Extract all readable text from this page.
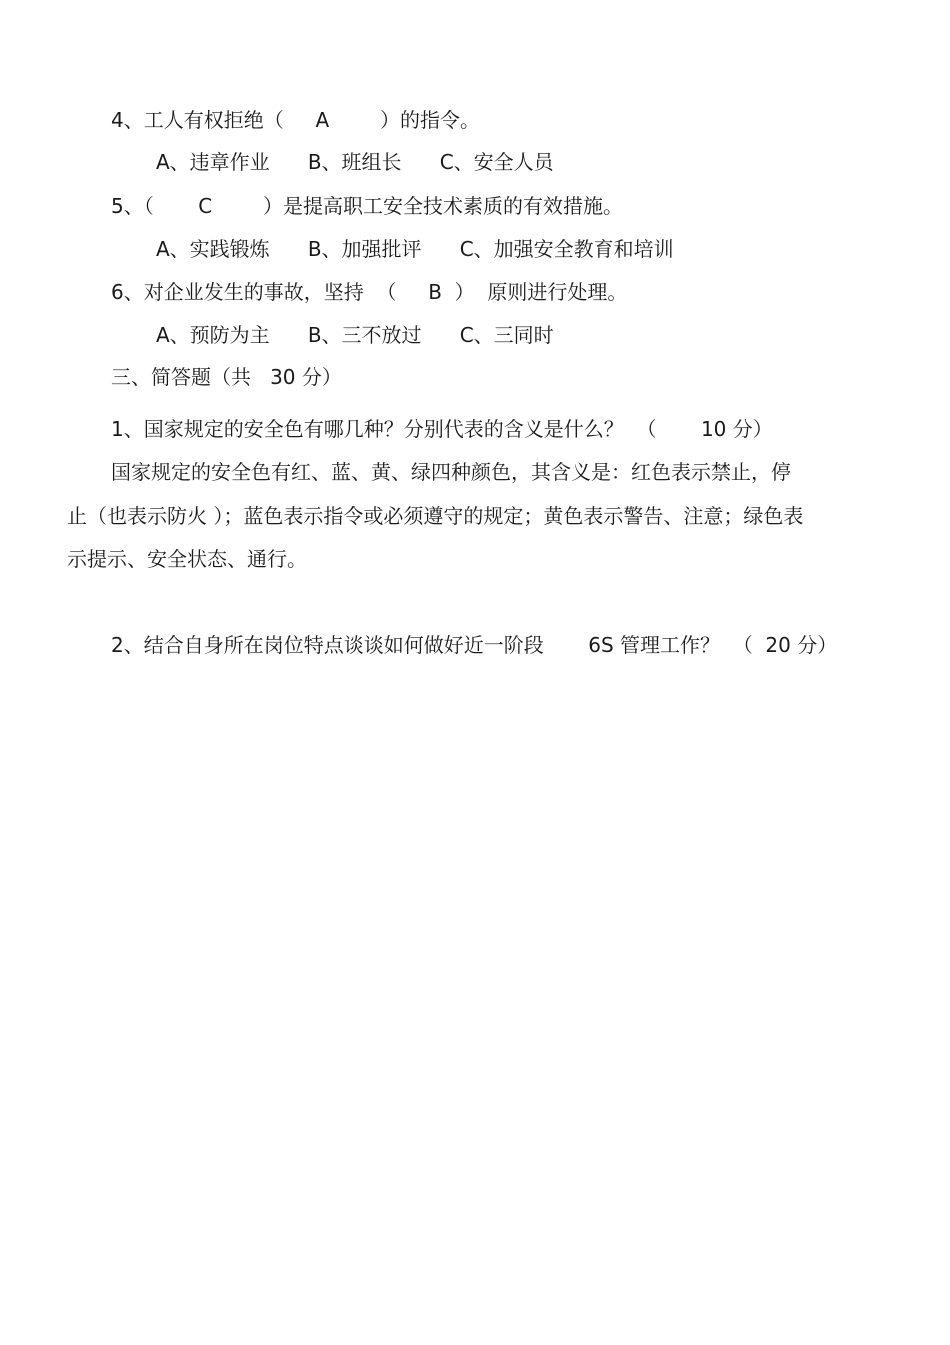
4、工人有权拒绝（     A        ）的指令。
A、违章作业      B、班组长      C、安全人员
5、（       C        ）是提高职工安全技术素质的有效措施。
A、实践锻炼      B、加强批评      C、加强安全教育和培训
6、对企业发生的事故，坚持  （     B  ）  原则进行处理。
A、预防为主      B、三不放过      C、三同时
三、简答题（共   30 分）
1、国家规定的安全色有哪几种？分别代表的含义是什么？  （       10 分）
国家规定的安全色有红、蓝、黄、绿四种颜色，其含义是：红色表示禁止，停
止（也表示防火 ）；蓝色表示指令或必须遵守的规定；黄色表示警告、注意；绿色表
示提示、安全状态、通行。
2、结合自身所在岗位特点谈谈如何做好近一阶段       6S 管理工作？  （  20 分）
